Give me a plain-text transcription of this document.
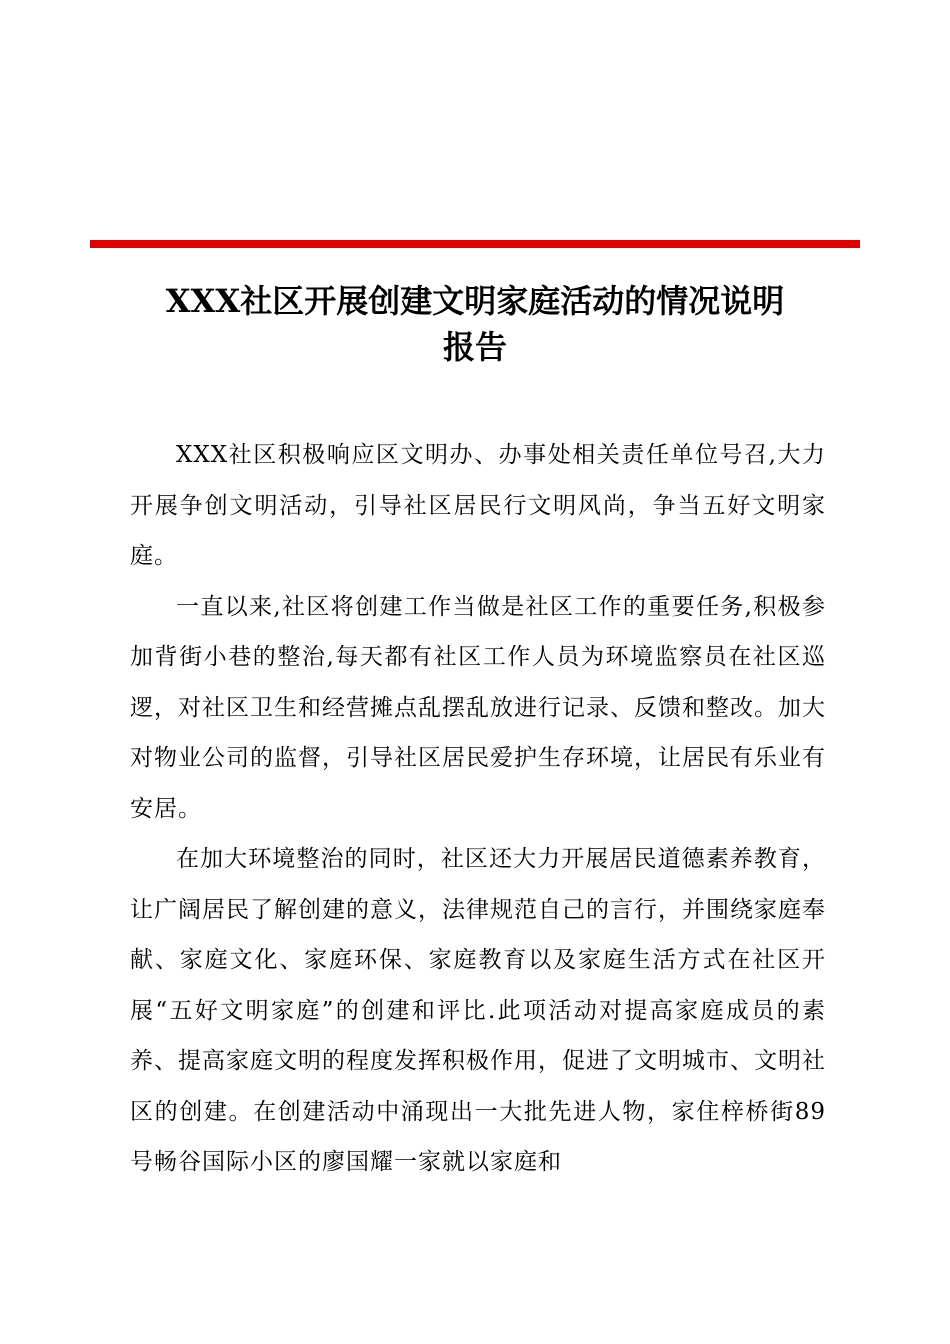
XXX社区开展创建文明家庭活动的情况说明
报告

XXX社区积极响应区文明办、办事处相关责任单位号召,大力开展争创文明活动，引导社区居民行文明风尚，争当五好文明家庭。

一直以来,社区将创建工作当做是社区工作的重要任务,积极参加背街小巷的整治,每天都有社区工作人员为环境监察员在社区巡逻，对社区卫生和经营摊点乱摆乱放进行记录、反馈和整改。加大对物业公司的监督，引导社区居民爱护生存环境，让居民有乐业有安居。

在加大环境整治的同时，社区还大力开展居民道德素养教育，让广阔居民了解创建的意义，法律规范自己的言行，并围绕家庭奉献、家庭文化、家庭环保、家庭教育以及家庭生活方式在社区开展“五好文明家庭”的创建和评比.此项活动对提高家庭成员的素养、提高家庭文明的程度发挥积极作用，促进了文明城市、文明社区的创建。在创建活动中涌现出一大批先进人物，家住梓桥街89号畅谷国际小区的廖国耀一家就以家庭和
